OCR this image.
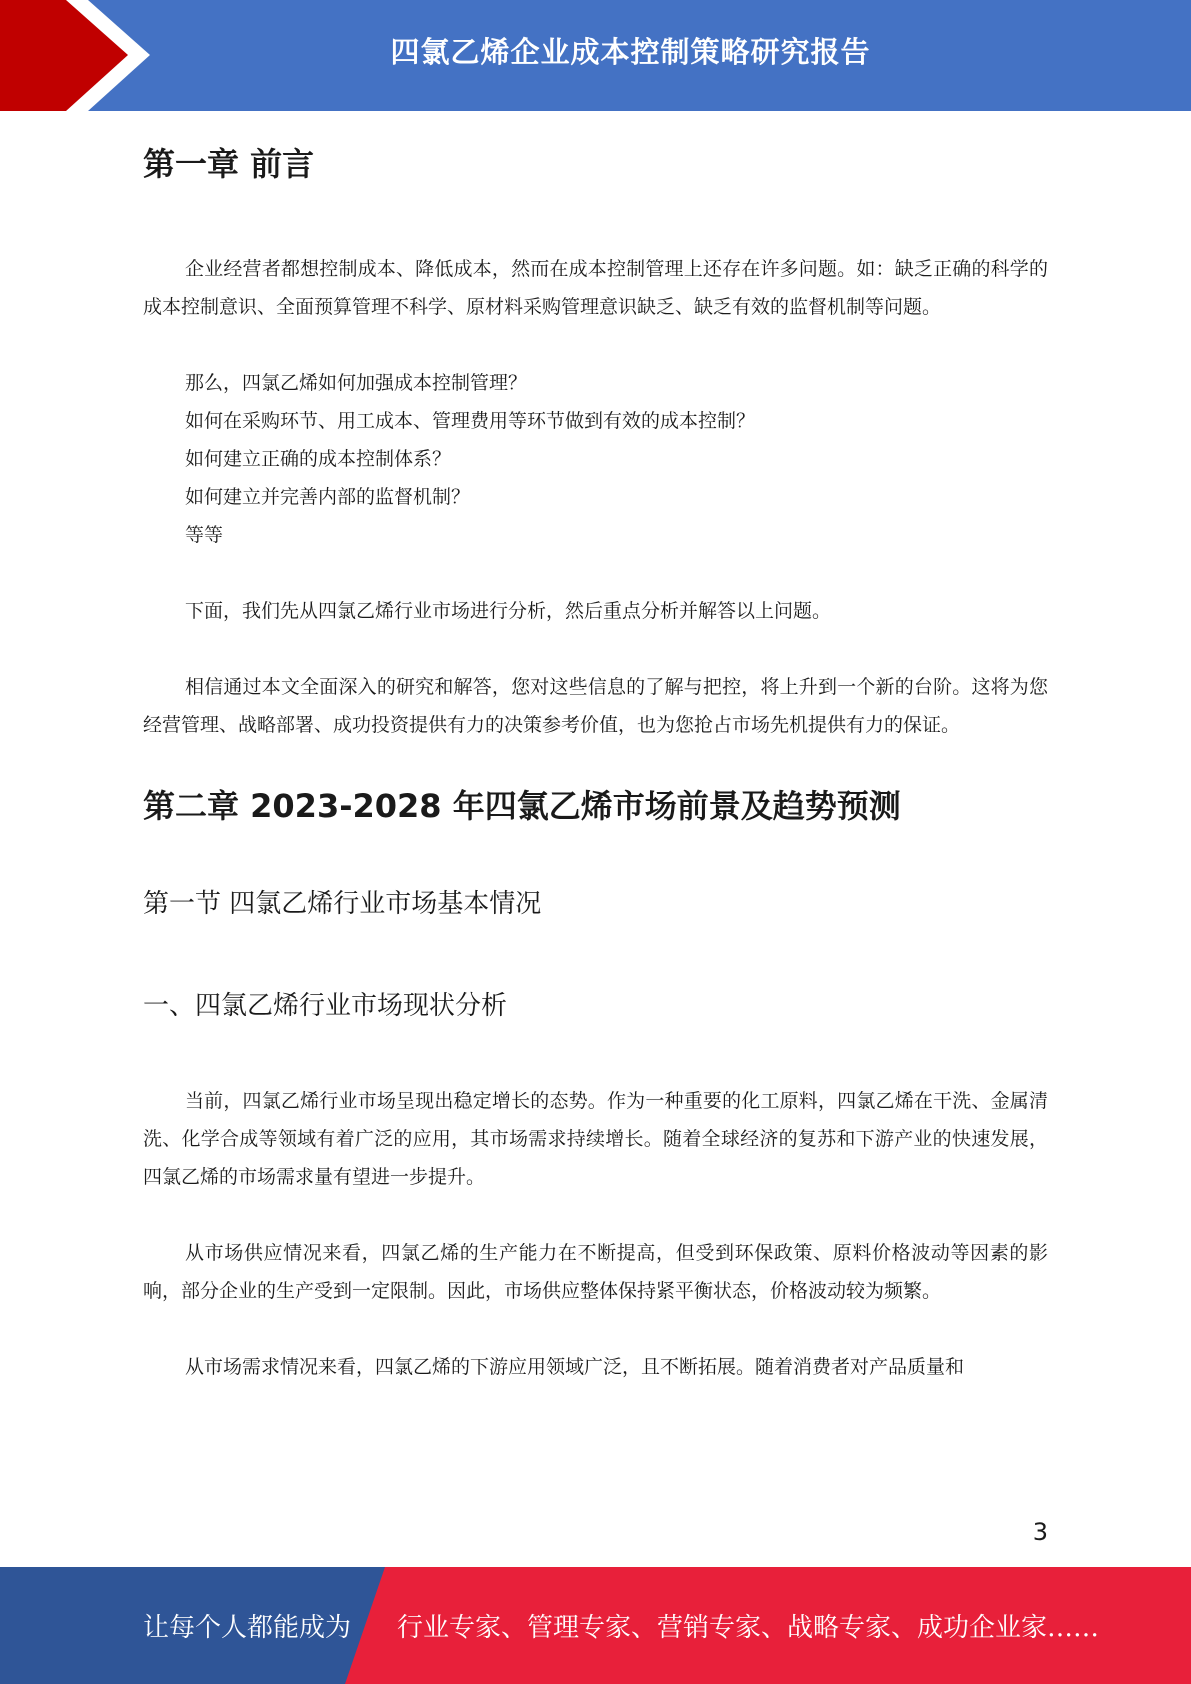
四氯乙烯企业成本控制策略研究报告
第一章 前言

企业经营者都想控制成本、降低成本，然而在成本控制管理上还存在许多问题。如：缺乏正确的科学的成本控制意识、全面预算管理不科学、原材料采购管理意识缺乏、缺乏有效的监督机制等问题。

那么，四氯乙烯如何加强成本控制管理？

如何在采购环节、用工成本、管理费用等环节做到有效的成本控制？

如何建立正确的成本控制体系？

如何建立并完善内部的监督机制？

等等

下面，我们先从四氯乙烯行业市场进行分析，然后重点分析并解答以上问题。

相信通过本文全面深入的研究和解答，您对这些信息的了解与把控，将上升到一个新的台阶。这将为您经营管理、战略部署、成功投资提供有力的决策参考价值，也为您抢占市场先机提供有力的保证。

第二章 2023-2028 年四氯乙烯市场前景及趋势预测
第一节 四氯乙烯行业市场基本情况
一、四氯乙烯行业市场现状分析

当前，四氯乙烯行业市场呈现出稳定增长的态势。作为一种重要的化工原料，四氯乙烯在干洗、金属清洗、化学合成等领域有着广泛的应用，其市场需求持续增长。随着全球经济的复苏和下游产业的快速发展，四氯乙烯的市场需求量有望进一步提升。

从市场供应情况来看，四氯乙烯的生产能力在不断提高，但受到环保政策、原料价格波动等因素的影响，部分企业的生产受到一定限制。因此，市场供应整体保持紧平衡状态，价格波动较为频繁。

从市场需求情况来看，四氯乙烯的下游应用领域广泛，且不断拓展。随着消费者对产品质量和

3
让每个人都能成为 行业专家、管理专家、营销专家、战略专家、成功企业家……
